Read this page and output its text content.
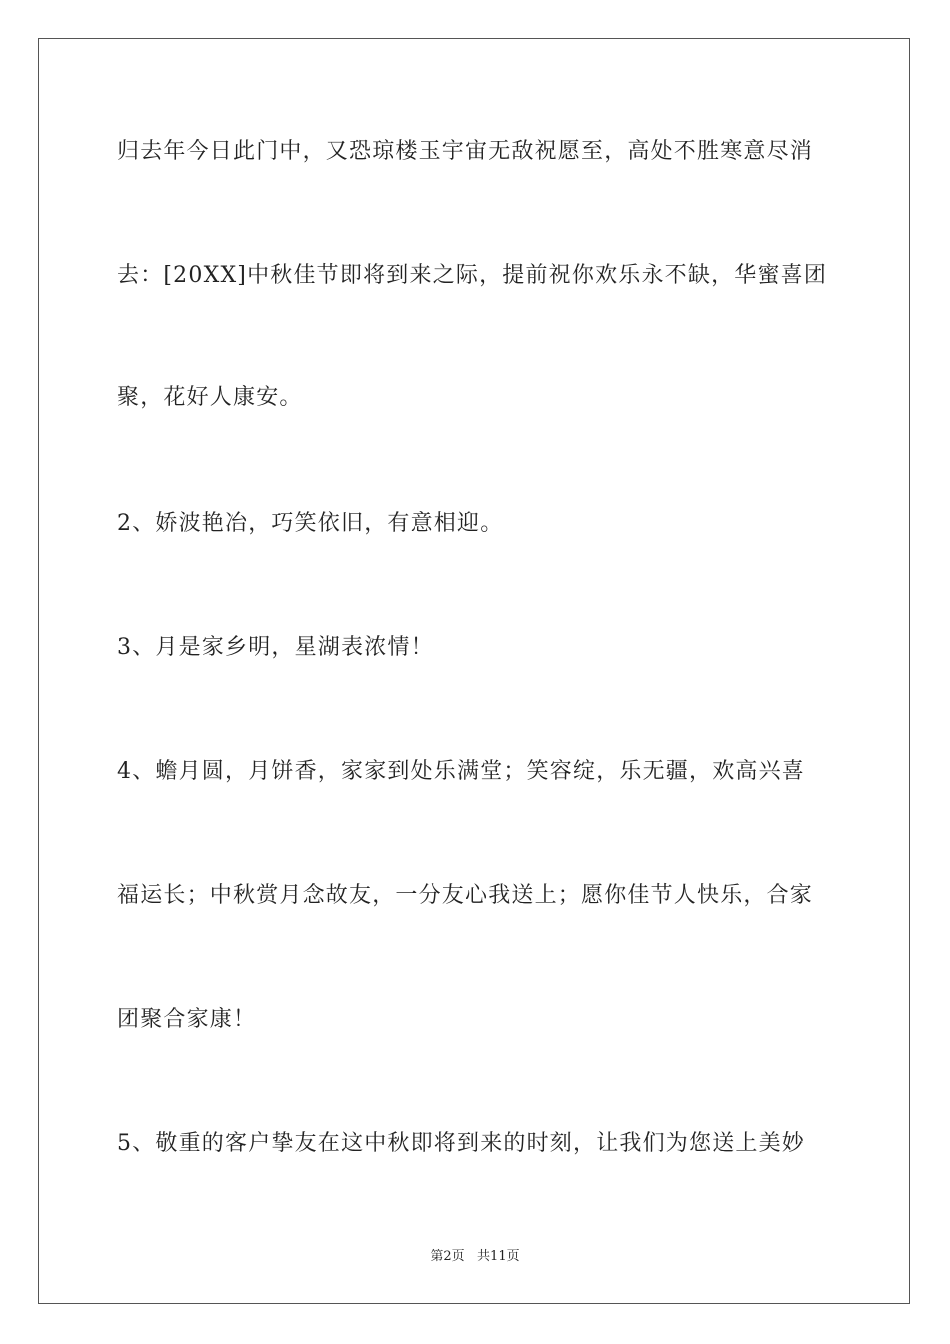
归去年今日此门中，又恐琼楼玉宇宙无敌祝愿至，高处不胜寒意尽消
去：[20XX]中秋佳节即将到来之际，提前祝你欢乐永不缺，华蜜喜团
聚，花好人康安。
2、娇波艳冶，巧笑依旧，有意相迎。
3、月是家乡明，星湖表浓情！
4、蟾月圆，月饼香，家家到处乐满堂；笑容绽，乐无疆，欢高兴喜
福运长；中秋赏月念故友，一分友心我送上；愿你佳节人快乐，合家
团聚合家康！
5、敬重的客户挚友在这中秋即将到来的时刻，让我们为您送上美妙
第2页   共11页
